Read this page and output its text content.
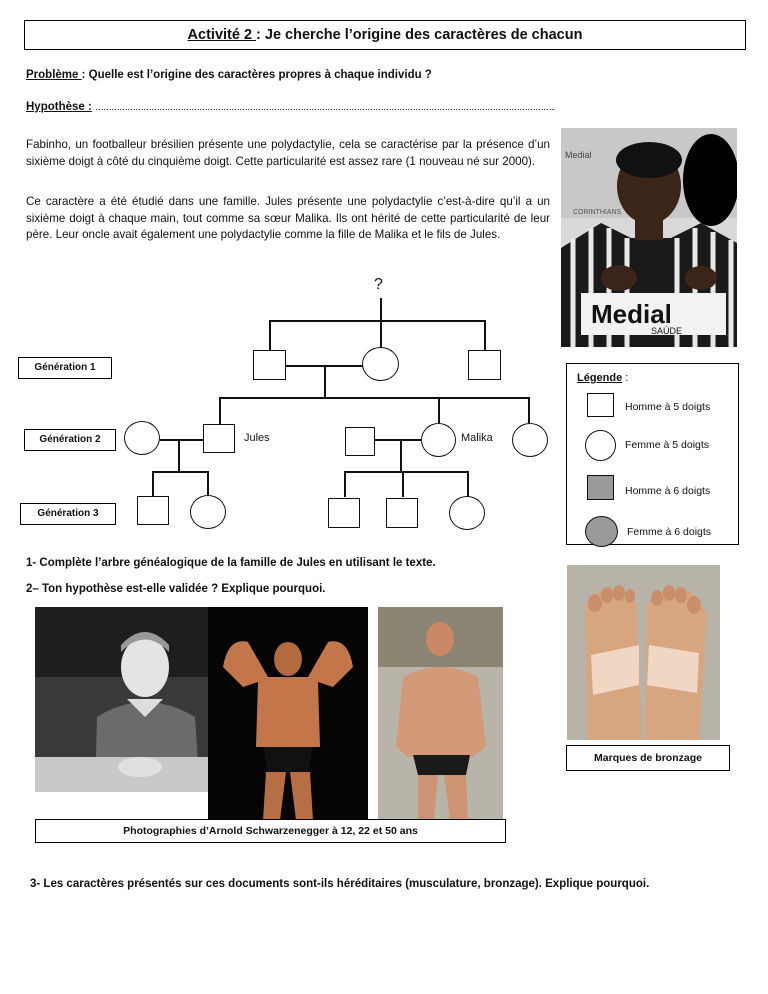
Activité 2 : Je cherche l’origine des caractères de chacun
Problème : Quelle est l’origine des caractères propres à chaque individu ?
Hypothèse : ………………………………………………………………………………………………………………………………………………………..
Fabinho, un footballeur brésilien présente une polydactylie, cela se caractérise par la présence d’un sixième doigt à côté du cinquième doigt. Cette particularité est assez rare (1 nouveau né sur 2000).
Ce caractère a été étudié dans une famille. Jules présente une polydactylie c’est-à-dire qu’il a un sixième doigt à chaque main, tout comme sa sœur Malika. Ils ont hérité de cette particularité de leur père. Leur oncle avait également une polydactylie comme la fille de Malika et le fils de Jules.
Medial
CORINTHIANS
Medial
SAÚDE
?
Jules	Malika
Génération 1
Génération 2
Génération 3
Légende :
Homme à 5 doigts
Femme à 5 doigts
Homme à 6 doigts
Femme à 6 doigts
1- Complète l’arbre généalogique de la famille de Jules en utilisant le texte.
2– Ton hypothèse est-elle validée ? Explique pourquoi.
Marques de bronzage
Photographies d’Arnold Schwarzenegger à 12, 22 et 50 ans
3- Les caractères présentés sur ces documents sont-ils héréditaires (musculature, bronzage). Explique pourquoi.
